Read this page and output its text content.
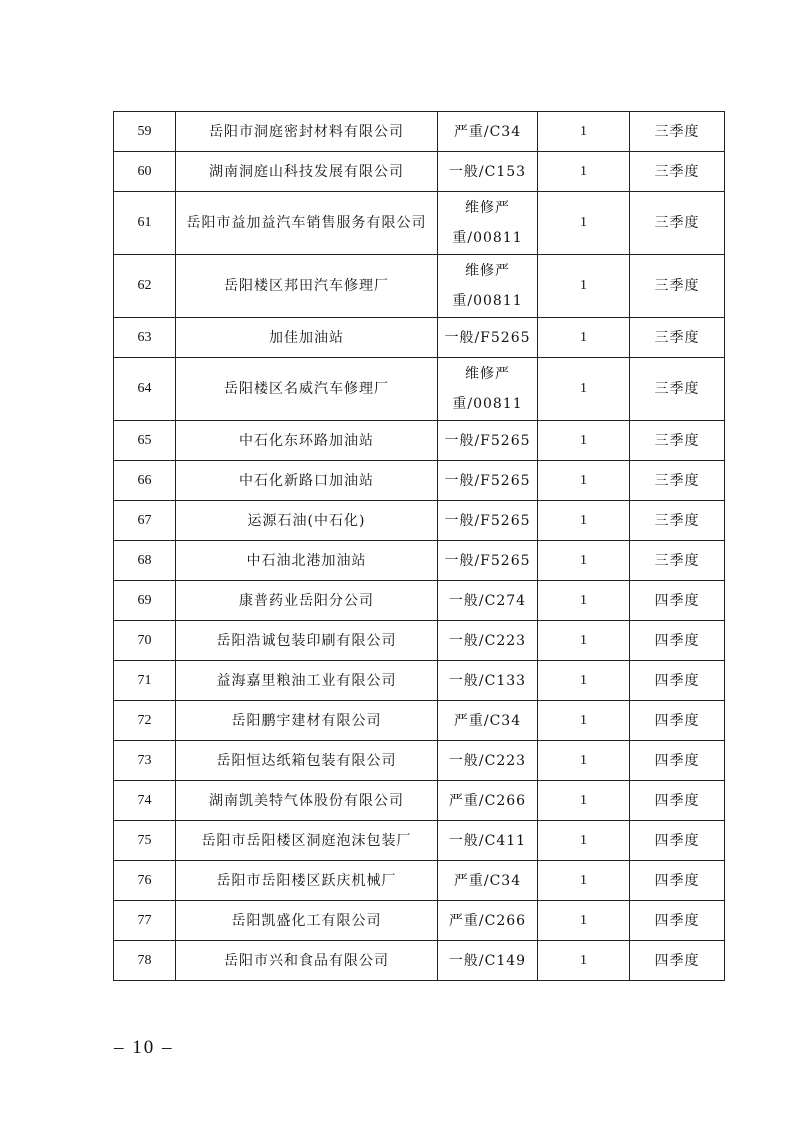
59	岳阳市洞庭密封材料有限公司	严重/C34	1	三季度
60	湖南洞庭山科技发展有限公司	一般/C153	1	三季度
61	岳阳市益加益汽车销售服务有限公司	维修严重/00811	1	三季度
62	岳阳楼区邦田汽车修理厂	维修严重/00811	1	三季度
63	加佳加油站	一般/F5265	1	三季度
64	岳阳楼区名威汽车修理厂	维修严重/00811	1	三季度
65	中石化东环路加油站	一般/F5265	1	三季度
66	中石化新路口加油站	一般/F5265	1	三季度
67	运源石油(中石化)	一般/F5265	1	三季度
68	中石油北港加油站	一般/F5265	1	三季度
69	康普药业岳阳分公司	一般/C274	1	四季度
70	岳阳浩诚包装印刷有限公司	一般/C223	1	四季度
71	益海嘉里粮油工业有限公司	一般/C133	1	四季度
72	岳阳鹏宇建材有限公司	严重/C34	1	四季度
73	岳阳恒达纸箱包装有限公司	一般/C223	1	四季度
74	湖南凯美特气体股份有限公司	严重/C266	1	四季度
75	岳阳市岳阳楼区洞庭泡沫包装厂	一般/C411	1	四季度
76	岳阳市岳阳楼区跃庆机械厂	严重/C34	1	四季度
77	岳阳凯盛化工有限公司	严重/C266	1	四季度
78	岳阳市兴和食品有限公司	一般/C149	1	四季度
– 10 –
